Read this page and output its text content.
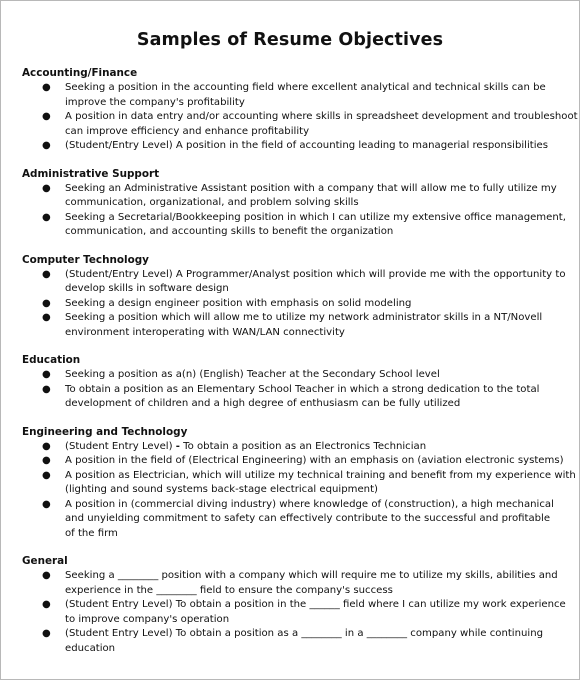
Samples of Resume Objectives
Accounting/Finance
● Seeking a position in the accounting field where excellent analytical and technical skills can be
improve the company's profitability
● A position in data entry and/or accounting where skills in spreadsheet development and troubleshoot
can improve efficiency and enhance profitability
● (Student/Entry Level) A position in the field of accounting leading to managerial responsibilities
Administrative Support
● Seeking an Administrative Assistant position with a company that will allow me to fully utilize my
communication, organizational, and problem solving skills
● Seeking a Secretarial/Bookkeeping position in which I can utilize my extensive office management,
communication, and accounting skills to benefit the organization
Computer Technology
● (Student/Entry Level) A Programmer/Analyst position which will provide me with the opportunity to
develop skills in software design
● Seeking a design engineer position with emphasis on solid modeling
● Seeking a position which will allow me to utilize my network administrator skills in a NT/Novell
environment interoperating with WAN/LAN connectivity
Education
● Seeking a position as a(n) (English) Teacher at the Secondary School level
● To obtain a position as an Elementary School Teacher in which a strong dedication to the total
development of children and a high degree of enthusiasm can be fully utilized
Engineering and Technology
● (Student Entry Level) - To obtain a position as an Electronics Technician
● A position in the field of (Electrical Engineering) with an emphasis on (aviation electronic systems)
● A position as Electrician, which will utilize my technical training and benefit from my experience with
(lighting and sound systems back-stage electrical equipment)
● A position in (commercial diving industry) where knowledge of (construction), a high mechanical
and unyielding commitment to safety can effectively contribute to the successful and profitable
of the firm
General
● Seeking a ________ position with a company which will require me to utilize my skills, abilities and
experience in the ________ field to ensure the company's success
● (Student Entry Level) To obtain a position in the ______ field where I can utilize my work experience
to improve company's operation
● (Student Entry Level) To obtain a position as a ________ in a ________ company while continuing
education
